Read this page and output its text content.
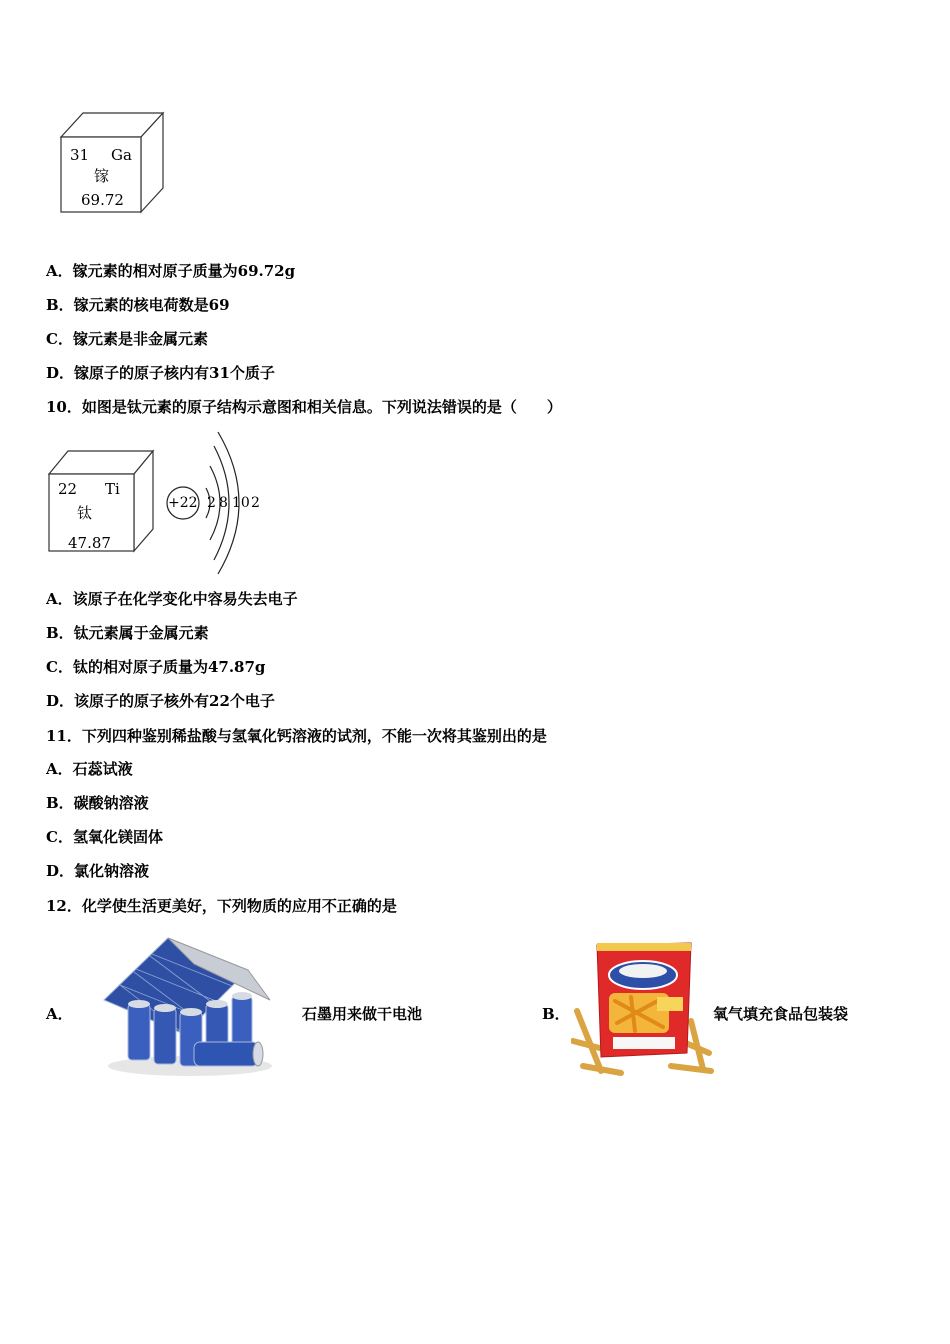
31 Ga
镓
69.72
A．镓元素的相对原子质量为69.72g
B．镓元素的核电荷数是69
C．镓元素是非金属元素
D．镓原子的原子核内有31个质子
10．如图是钛元素的原子结构示意图和相关信息。下列说法错误的是（　　）
22 Ti
钛
47.87
+22 2 8 10 2
A．该原子在化学变化中容易失去电子
B．钛元素属于金属元素
C．钛的相对原子质量为47.87g
D．该原子的原子核外有22个电子
11．下列四种鉴别稀盐酸与氢氧化钙溶液的试剂，不能一次将其鉴别出的是
A．石蕊试液
B．碳酸钠溶液
C．氢氧化镁固体
D．氯化钠溶液
12．化学使生活更美好，下列物质的应用不正确的是
A．	石墨用来做干电池	B．	氧气填充食品包装袋
